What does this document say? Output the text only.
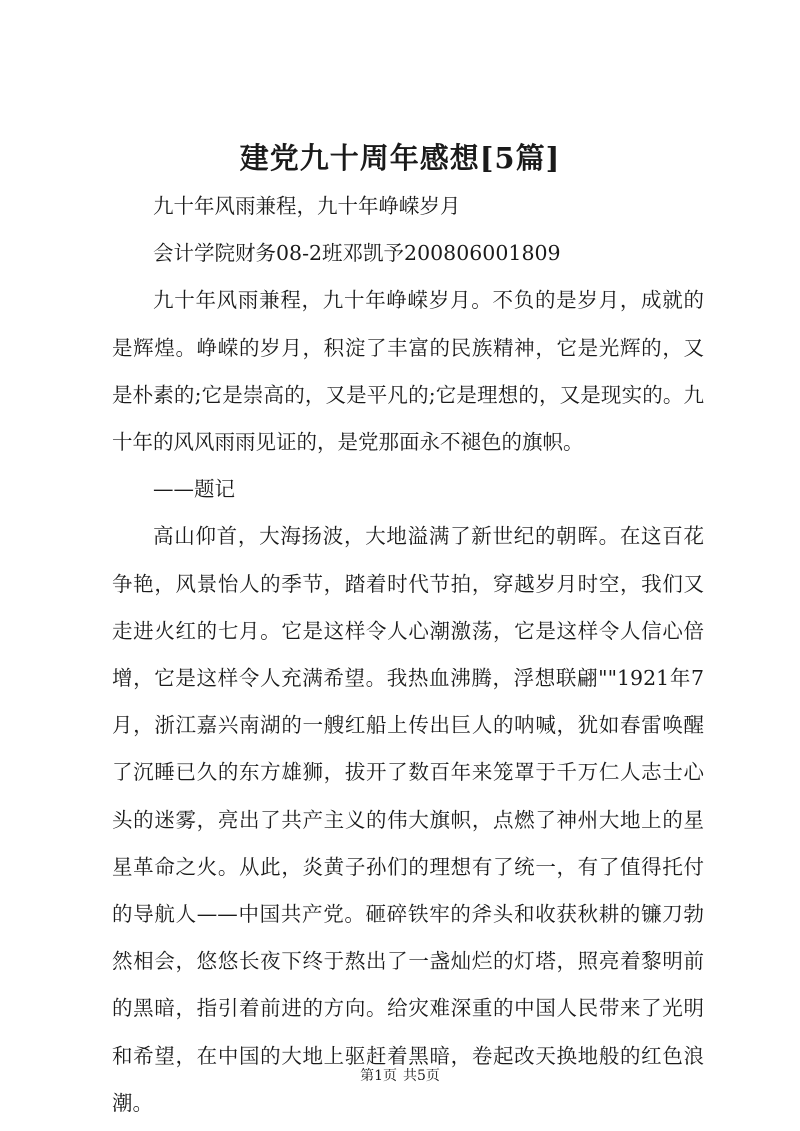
建党九十周年感想[5篇]

九十年风雨兼程，九十年峥嵘岁月

会计学院财务08-2班邓凯予200806001809

九十年风雨兼程，九十年峥嵘岁月。不负的是岁月，成就的是辉煌。峥嵘的岁月，积淀了丰富的民族精神，它是光辉的，又是朴素的;它是崇高的，又是平凡的;它是理想的，又是现实的。九十年的风风雨雨见证的，是党那面永不褪色的旗帜。

——题记

高山仰首，大海扬波，大地溢满了新世纪的朝晖。在这百花争艳，风景怡人的季节，踏着时代节拍，穿越岁月时空，我们又走进火红的七月。它是这样令人心潮激荡，它是这样令人信心倍增，它是这样令人充满希望。我热血沸腾，浮想联翩""1921年7月，浙江嘉兴南湖的一艘红船上传出巨人的呐喊，犹如春雷唤醒了沉睡已久的东方雄狮，拔开了数百年来笼罩于千万仁人志士心头的迷雾，亮出了共产主义的伟大旗帜，点燃了神州大地上的星星革命之火。从此，炎黄子孙们的理想有了统一，有了值得托付的导航人——中国共产党。砸碎铁牢的斧头和收获秋耕的镰刀勃然相会，悠悠长夜下终于熬出了一盏灿烂的灯塔，照亮着黎明前的黑暗，指引着前进的方向。给灾难深重的中国人民带来了光明和希望，在中国的大地上驱赶着黑暗，卷起改天换地般的红色浪潮。

第1页 共5页
